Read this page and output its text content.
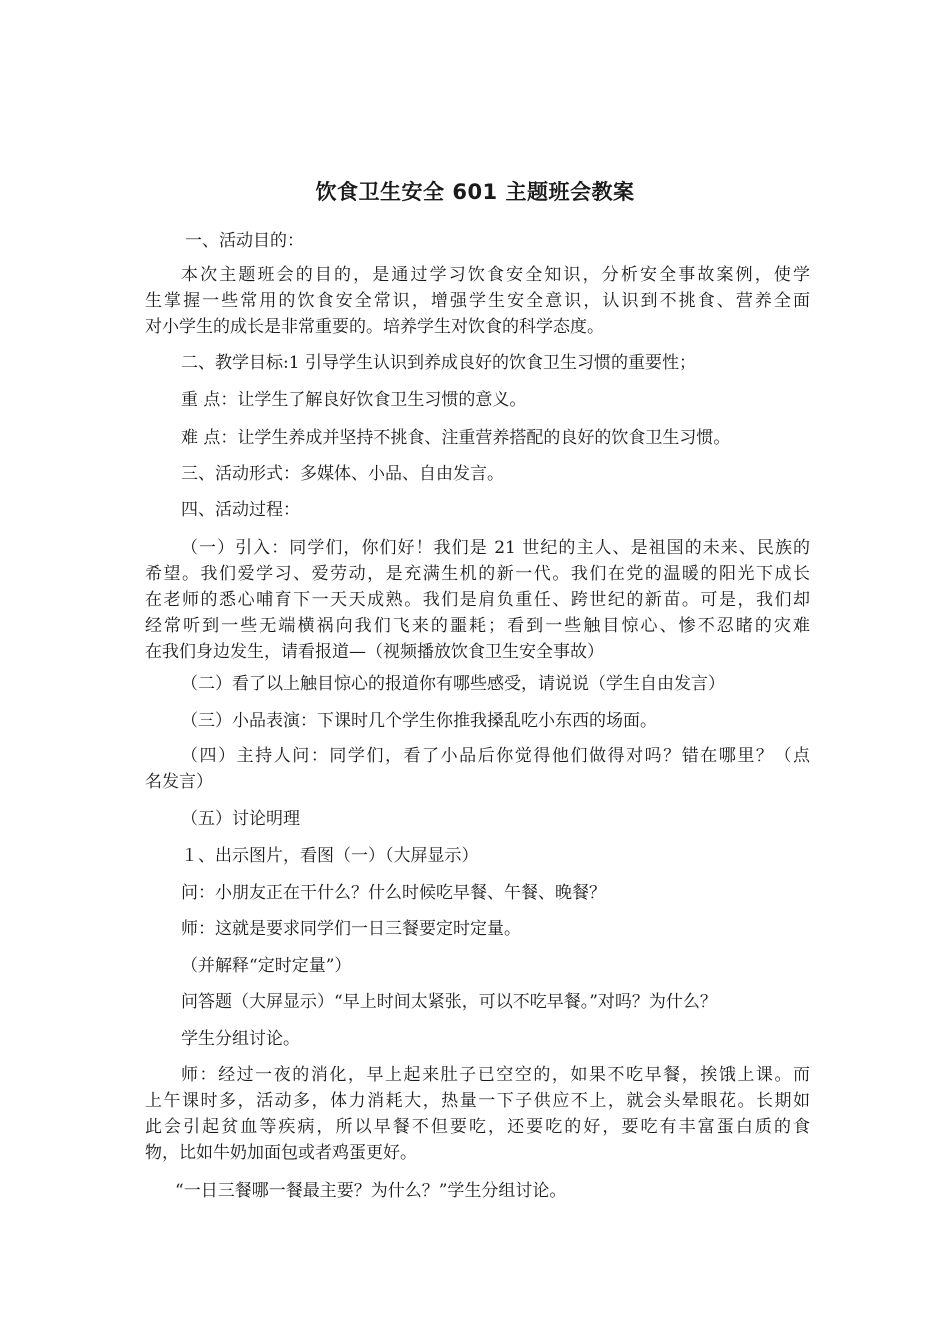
饮食卫生安全 601 主题班会教案

一、活动目的：

本次主题班会的目的，是通过学习饮食安全知识，分析安全事故案例，使学
生掌握一些常用的饮食安全常识，增强学生安全意识，认识到不挑食、营养全面
对小学生的成长是非常重要的。培养学生对饮食的科学态度。

二、教学目标:1 引导学生认识到养成良好的饮食卫生习惯的重要性；

重 点：让学生了解良好饮食卫生习惯的意义。

难 点：让学生养成并坚持不挑食、注重营养搭配的良好的饮食卫生习惯。

三、活动形式：多媒体、小品、自由发言。

四、活动过程：

（一）引入：同学们，你们好！我们是 21 世纪的主人、是祖国的未来、民族的
希望。我们爱学习、爱劳动，是充满生机的新一代。我们在党的温暖的阳光下成长
在老师的悉心哺育下一天天成熟。我们是肩负重任、跨世纪的新苗。可是，我们却
经常听到一些无端横祸向我们飞来的噩耗；看到一些触目惊心、惨不忍睹的灾难
在我们身边发生，请看报道—（视频播放饮食卫生安全事故）

（二）看了以上触目惊心的报道你有哪些感受，请说说（学生自由发言）

（三）小品表演：下课时几个学生你推我搡乱吃小东西的场面。

（四）主持人问：同学们，看了小品后你觉得他们做得对吗？错在哪里？（点
名发言）

（五）讨论明理

１、出示图片，看图（一）（大屏显示）

问：小朋友正在干什么？什么时候吃早餐、午餐、晚餐？

师：这就是要求同学们一日三餐要定时定量。

（并解释“定时定量”）

问答题（大屏显示）“早上时间太紧张，可以不吃早餐。”对吗？为什么？

学生分组讨论。

师：经过一夜的消化，早上起来肚子已空空的，如果不吃早餐，挨饿上课。而
上午课时多，活动多，体力消耗大，热量一下子供应不上，就会头晕眼花。长期如
此会引起贫血等疾病，所以早餐不但要吃，还要吃的好，要吃有丰富蛋白质的食
物，比如牛奶加面包或者鸡蛋更好。

“一日三餐哪一餐最主要？为什么？”学生分组讨论。
